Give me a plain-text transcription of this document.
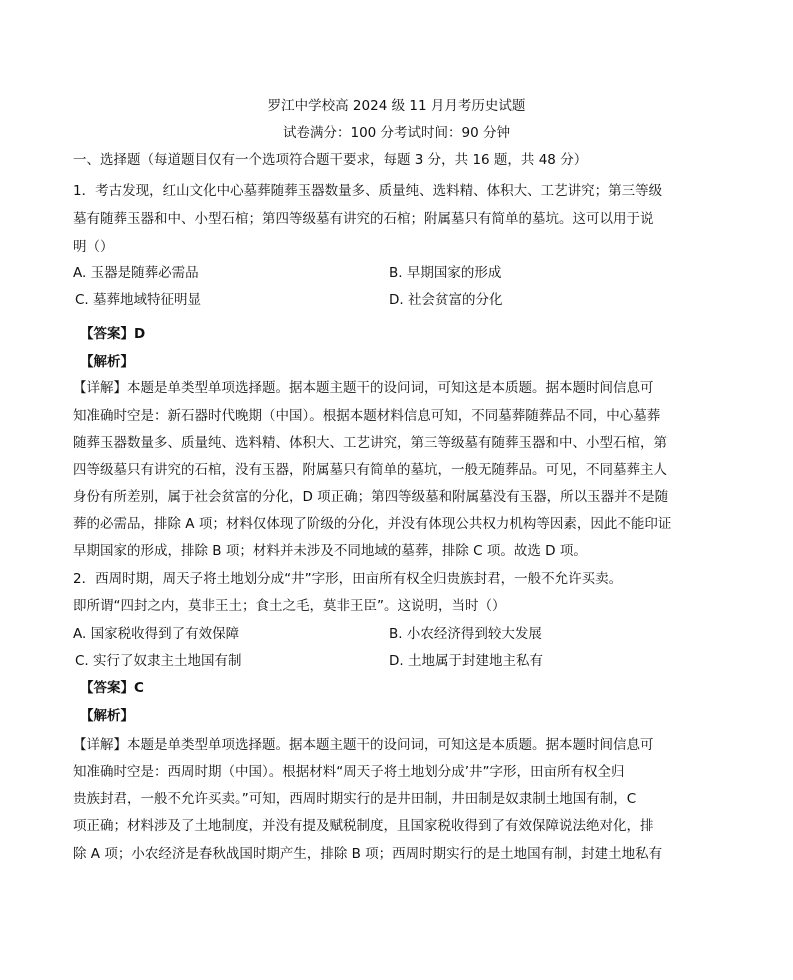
罗江中学校高 2024 级 11 月月考历史试题
试卷满分：100 分考试时间：90 分钟
一、选择题（每道题目仅有一个选项符合题干要求，每题 3 分，共 16 题，共 48 分）
1．考古发现，红山文化中心墓葬随葬玉器数量多、质量纯、选料精、体积大、工艺讲究；第三等级
墓有随葬玉器和中、小型石棺；第四等级墓有讲究的石棺；附属墓只有简单的墓坑。这可以用于说
明（）
A. 玉器是随葬必需品	B. 早期国家的形成
C. 墓葬地域特征明显	D. 社会贫富的分化
【答案】D
【解析】
【详解】本题是单类型单项选择题。据本题主题干的设问词，可知这是本质题。据本题时间信息可
知准确时空是：新石器时代晚期（中国）。根据本题材料信息可知，不同墓葬随葬品不同，中心墓葬
随葬玉器数量多、质量纯、选料精、体积大、工艺讲究，第三等级墓有随葬玉器和中、小型石棺，第
四等级墓只有讲究的石棺，没有玉器，附属墓只有简单的墓坑，一般无随葬品。可见，不同墓葬主人
身份有所差别，属于社会贫富的分化，D 项正确；第四等级墓和附属墓没有玉器，所以玉器并不是随
葬的必需品，排除 A 项；材料仅体现了阶级的分化，并没有体现公共权力机构等因素，因此不能印证
早期国家的形成，排除 B 项；材料并未涉及不同地域的墓葬，排除 C 项。故选 D 项。
2．西周时期，周天子将土地划分成“井”字形，田亩所有权全归贵族封君，一般不允许买卖。
即所谓“四封之内，莫非王土；食土之毛，莫非王臣”。这说明，当时（）
A. 国家税收得到了有效保障	B. 小农经济得到较大发展
C. 实行了奴隶主土地国有制	D. 土地属于封建地主私有
【答案】C
【解析】
【详解】本题是单类型单项选择题。据本题主题干的设问词，可知这是本质题。据本题时间信息可
知准确时空是：西周时期（中国）。根据材料“周天子将土地划分成’井”字形，田亩所有权全归
贵族封君，一般不允许买卖。”可知，西周时期实行的是井田制，井田制是奴隶制土地国有制，C
项正确；材料涉及了土地制度，并没有提及赋税制度，且国家税收得到了有效保障说法绝对化，排
除 A 项；小农经济是春秋战国时期产生，排除 B 项；西周时期实行的是土地国有制，封建土地私有
